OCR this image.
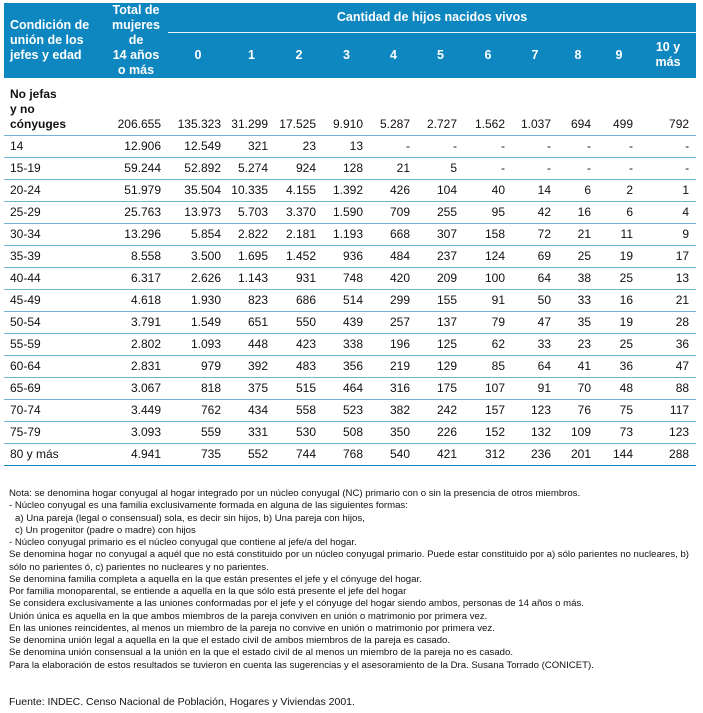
Condición de
unión de los
jefes y edad	Total de
mujeres de
14 años
o más	Cantidad de hijos nacidos vivos										
		0	1	2	3	4	5	6	7	8	9	10 y
más
No jefas
y no
cónyuges	206.655	135.323	31.299	17.525	9.910	5.287	2.727	1.562	1.037	694	499	792
14	12.906	12.549	321	23	13	-	-	-	-	-	-	-
15-19	59.244	52.892	5.274	924	128	21	5	-	-	-	-	-
20-24	51.979	35.504	10.335	4.155	1.392	426	104	40	14	6	2	1
25-29	25.763	13.973	5.703	3.370	1.590	709	255	95	42	16	6	4
30-34	13.296	5.854	2.822	2.181	1.193	668	307	158	72	21	11	9
35-39	8.558	3.500	1.695	1.452	936	484	237	124	69	25	19	17
40-44	6.317	2.626	1.143	931	748	420	209	100	64	38	25	13
45-49	4.618	1.930	823	686	514	299	155	91	50	33	16	21
50-54	3.791	1.549	651	550	439	257	137	79	47	35	19	28
55-59	2.802	1.093	448	423	338	196	125	62	33	23	25	36
60-64	2.831	979	392	483	356	219	129	85	64	41	36	47
65-69	3.067	818	375	515	464	316	175	107	91	70	48	88
70-74	3.449	762	434	558	523	382	242	157	123	76	75	117
75-79	3.093	559	331	530	508	350	226	152	132	109	73	123
80 y más	4.941	735	552	744	768	540	421	312	236	201	144	288
Nota: se denomina hogar conyugal al hogar integrado por un núcleo conyugal (NC) primario con o sin la presencia de otros miembros.
- Núcleo conyugal es una familia exclusivamente formada en alguna de las siguientes formas:
a) Una pareja (legal o consensual) sola, es decir sin hijos, b) Una pareja con hijos,
c) Un progenitor (padre o madre) con hijos
- Núcleo conyugal primario es el núcleo conyugal que contiene al jefe/a del hogar.
Se denomina hogar no conyugal a aquél que no está constituido por un núcleo conyugal primario. Puede estar constituido por a) sólo parientes no nucleares, b)
sólo no parientes ó, c) parientes no nucleares y no parientes.
Se denomina familia completa a aquella en la que están presentes el jefe y el cónyuge del hogar.
Por familia monoparental, se entiende a aquella en la que sólo está presente el jefe del hogar
Se considera exclusivamente a las uniones conformadas por el jefe y el cónyuge del hogar siendo ambos, personas de 14 años o más.
Unión única es aquella en la que ambos miembros de la pareja conviven en unión o matrimonio por primera vez.
En las uniones reincidentes, al menos un miembro de la pareja no convive en unión o matrimonio por primera vez.
Se denomina unión legal a aquella en la que el estado civil de ambos miembros de la pareja es casado.
Se denomina unión consensual a la unión en la que el estado civil de al menos un miembro de la pareja no es casado.
Para la elaboración de estos resultados se tuvieron en cuenta las sugerencias y el asesoramiento de la Dra. Susana Torrado (CONICET).
Fuente: INDEC. Censo Nacional de Población, Hogares y Viviendas 2001.
